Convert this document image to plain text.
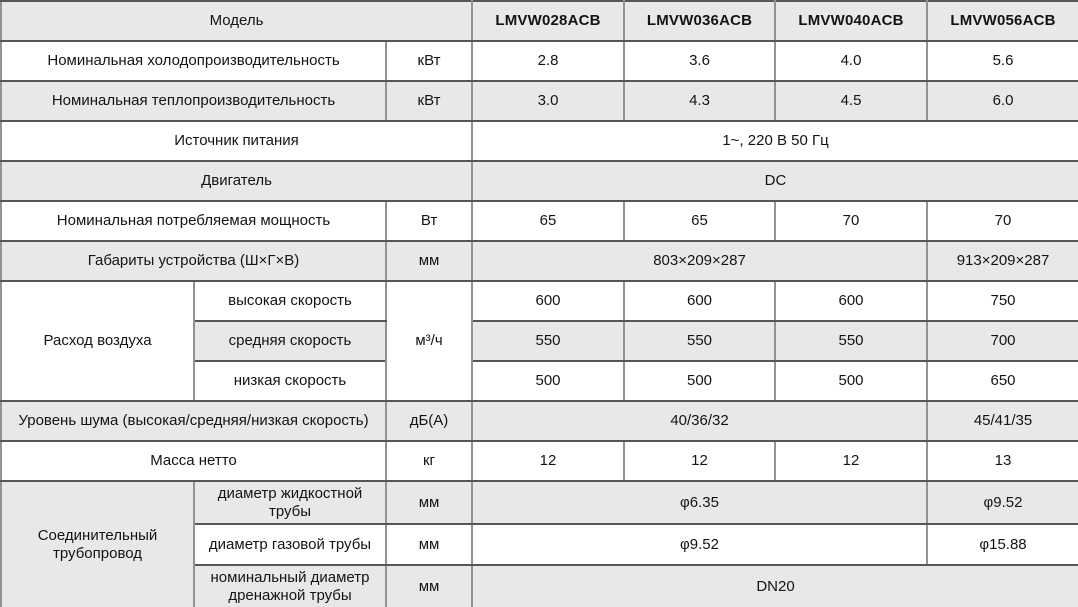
Модель			LMVW028ACB	LMVW036ACB	LMVW040ACB	LMVW056ACB
Номинальная холодопроизводительность		кВт	2.8	3.6	4.0	5.6
Номинальная теплопроизводительность		кВт	3.0	4.3	4.5	6.0
Источник питания			1~, 220 В 50 Гц			
Двигатель			DC			
Номинальная потребляемая мощность		Вт	65	65	70	70
Габариты устройства (Ш×Г×В)		мм	803×209×287			913×209×287
Расход воздуха	высокая скорость	м³/ч	600	600	600	750
	средняя скорость		550	550	550	700
	низкая скорость		500	500	500	650
Уровень шума (высокая/средняя/низкая скорость)		дБ(А)	40/36/32			45/41/35
Масса нетто		кг	12	12	12	13
Соединительный трубопровод	диаметр жидкостной трубы	мм	φ6.35			φ9.52
	диаметр газовой трубы	мм	φ9.52			φ15.88
	номинальный диаметр дренажной трубы	мм	DN20			
